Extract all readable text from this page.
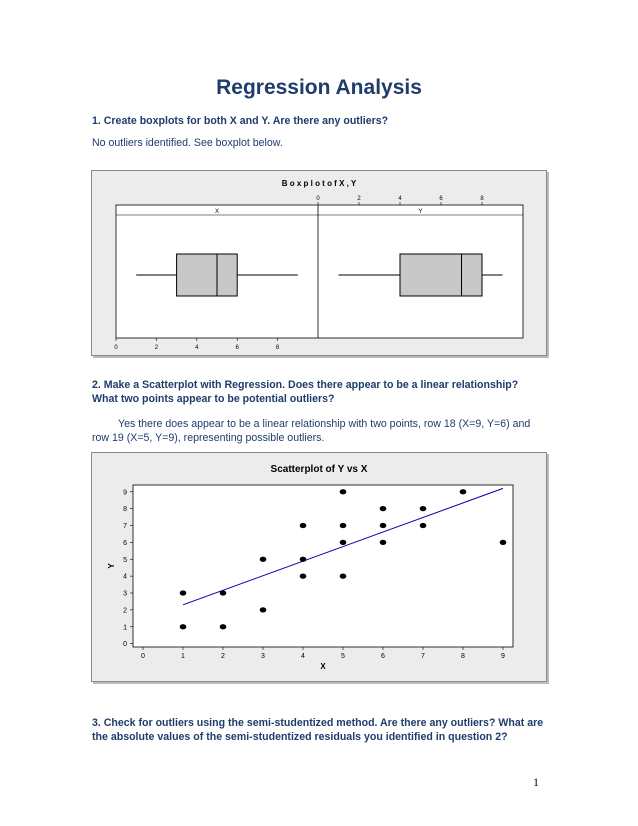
Regression Analysis
1. Create boxplots for both X and Y. Are there any outliers?
No outliers identified. See boxplot below.
B o x p l o t o f X , Y
X	Y
0
0
2
2
4
4
6
6
8
8
2. Make a Scatterplot with Regression. Does there appear to be a linear relationship?
What two points appear to be potential outliers?
Yes there does appear to be a linear relationship with two points, row 18 (X=9, Y=6) and
row 19 (X=5, Y=9), representing possible outliers.
Scatterplot of Y vs X
0	1	2	3	4	5	6	7	8	9
0
1
2
3
4
5
6
7
8
9
X
Y
3. Check for outliers using the semi-studentized method. Are there any outliers? What are
the absolute values of the semi-studentized residuals you identified in question 2?
1
